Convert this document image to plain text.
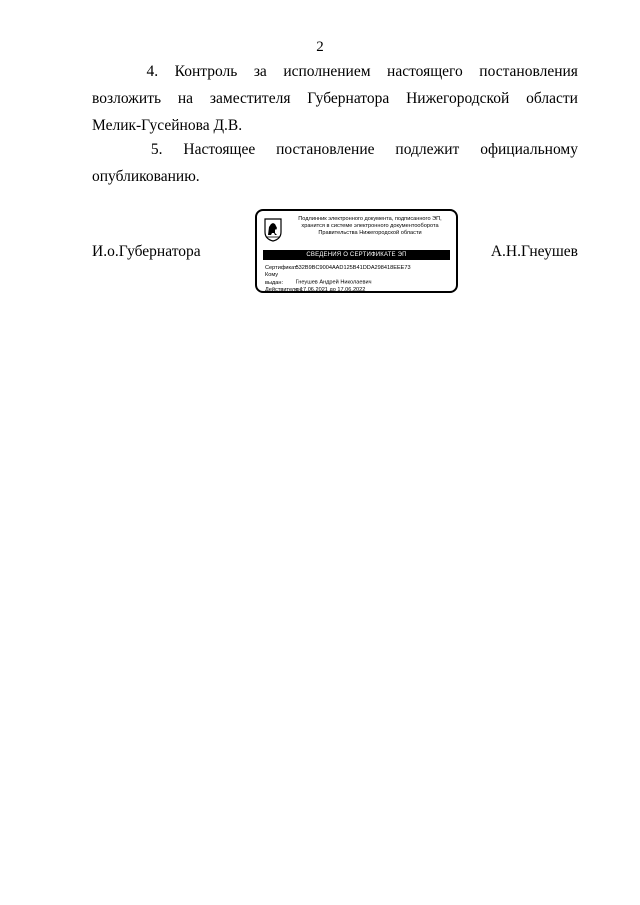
2
4. Контроль за исполнением настоящего постановления
возложить на заместителя Губернатора Нижегородской области
Мелик-Гусейнова Д.В.
5. Настоящее постановление подлежит официальному
опубликованию.
И.о.Губернатора	А.Н.Гнеушев
Подлинник электронного документа, подписанного ЭП,
хранится в системе электронного документооборота
Правительства Нижегородской области
СВЕДЕНИЯ О СЕРТИФИКАТЕ ЭП
Сертификат: 532B9BC9004AAD125B41DDA298418EEE73
Кому выдан: Гнеушев Андрей Николаевич
Действителен: с 17.06.2021 до 17.06.2022
